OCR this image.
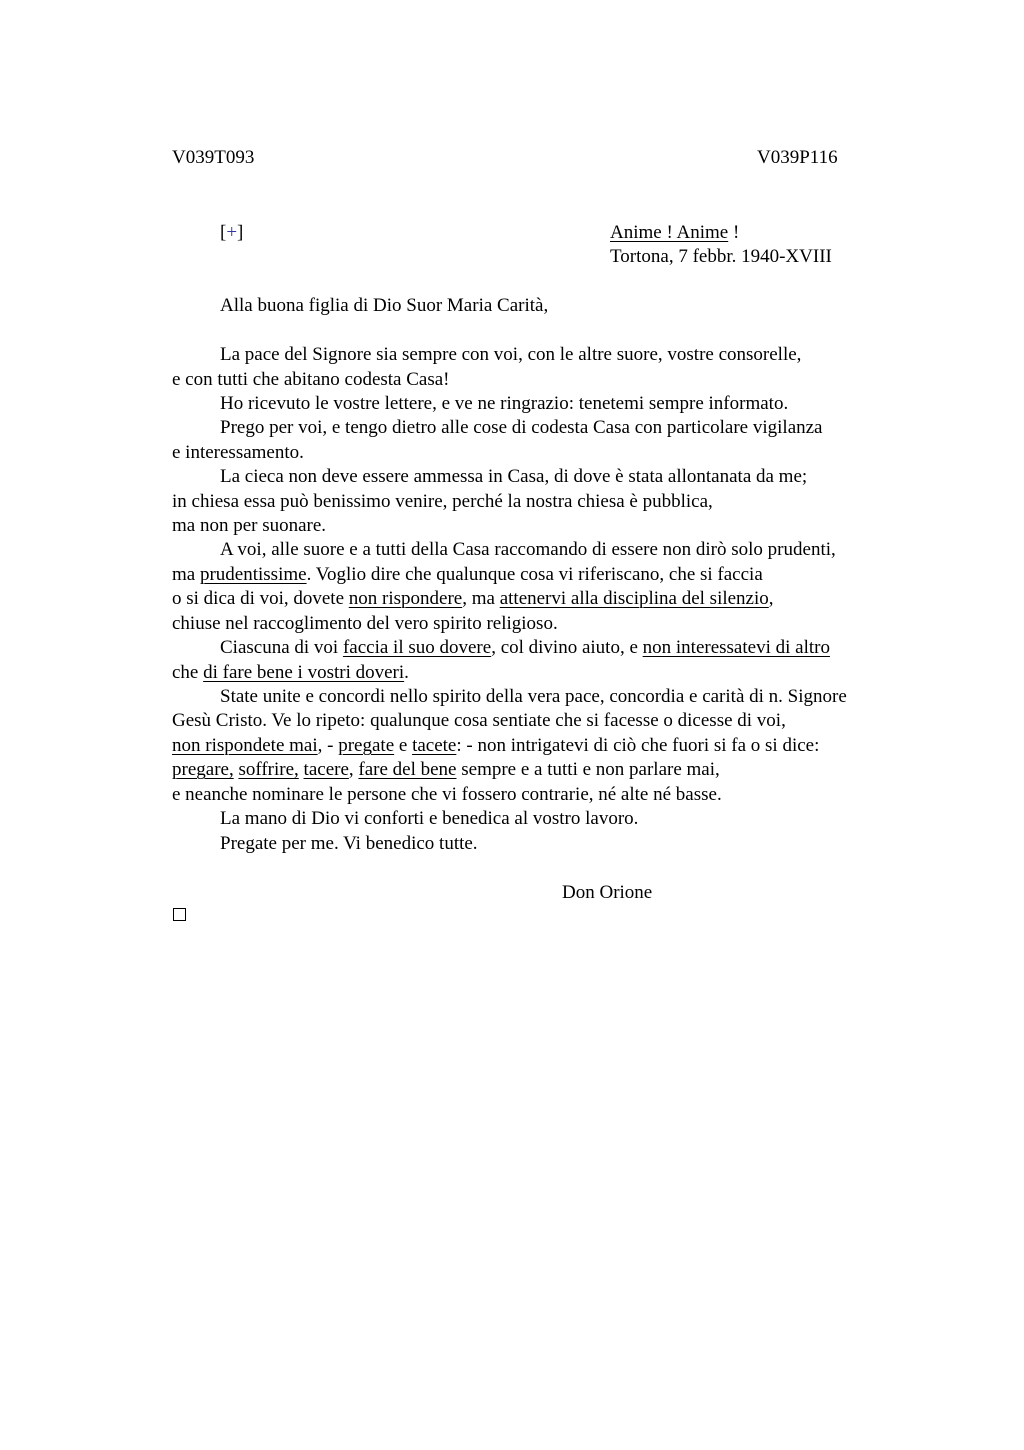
V039T093	V039P116
[+]	Anime ! Anime !
Tortona, 7 febbr. 1940-XVIII
Alla buona figlia di Dio Suor Maria Carità,
La pace del Signore sia sempre con voi, con le altre suore, vostre consorelle,
e con tutti che abitano codesta Casa!
Ho ricevuto le vostre lettere, e ve ne ringrazio: tenetemi sempre informato.
Prego per voi, e tengo dietro alle cose di codesta Casa con particolare vigilanza
e interessamento.
La cieca non deve essere ammessa in Casa, di dove è stata allontanata da me;
in chiesa essa può benissimo venire, perché la nostra chiesa è pubblica,
ma non per suonare.
A voi, alle suore e a tutti della Casa raccomando di essere non dirò solo prudenti,
ma prudentissime. Voglio dire che qualunque cosa vi riferiscano, che si faccia
o si dica di voi, dovete non rispondere, ma attenervi alla disciplina del silenzio,
chiuse nel raccoglimento del vero spirito religioso.
Ciascuna di voi faccia il suo dovere, col divino aiuto, e non interessatevi di altro
che di fare bene i vostri doveri.
State unite e concordi nello spirito della vera pace, concordia e carità di n. Signore
Gesù Cristo. Ve lo ripeto: qualunque cosa sentiate che si facesse o dicesse di voi,
non rispondete mai, - pregate e tacete: - non intrigatevi di ciò che fuori si fa o si dice:
pregare, soffrire, tacere, fare del bene sempre e a tutti e non parlare mai,
e neanche nominare le persone che vi fossero contrarie, né alte né basse.
La mano di Dio vi conforti e benedica al vostro lavoro.
Pregate per me. Vi benedico tutte.
Don Orione
